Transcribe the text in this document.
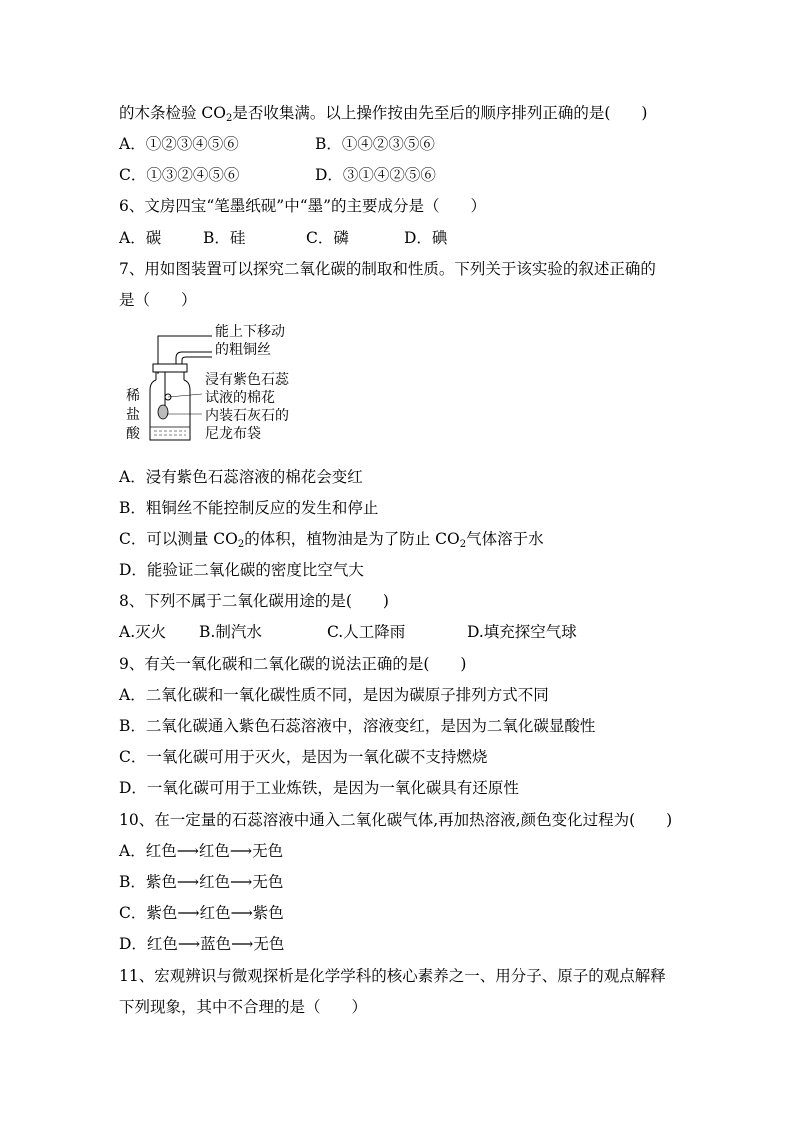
的木条检验 $CO_2$是否收集满。以上操作按由先至后的顺序排列正确的是(　　)
A．①②③④⑤⑥	B．①④②③⑤⑥
C．①③②④⑤⑥	D．③①④②⑤⑥
6、文房四宝“笔墨纸砚”中“墨”的主要成分是（　　）
A．碳	B．硅	C．磷	D．碘
7、用如图装置可以探究二氧化碳的制取和性质。下列关于该实验的叙述正确的
是（　　）
能上下移动
的粗铜丝
浸有紫色石蕊
试液的棉花
内装石灰石的
尼龙布袋
稀
盐
酸
A．浸有紫色石蕊溶液的棉花会变红
B．粗铜丝不能控制反应的发生和停止
C．可以测量 $CO_2$的体积，植物油是为了防止 $CO_2$气体溶于水
D．能验证二氧化碳的密度比空气大
8、下列不属于二氧化碳用途的是(　　)
A.灭火 B.制汽水	C.人工降雨	D.填充探空气球
9、有关一氧化碳和二氧化碳的说法正确的是(　　)
A．二氧化碳和一氧化碳性质不同，是因为碳原子排列方式不同
B．二氧化碳通入紫色石蕊溶液中，溶液变红，是因为二氧化碳显酸性
C．一氧化碳可用于灭火，是因为一氧化碳不支持燃烧
D．一氧化碳可用于工业炼铁，是因为一氧化碳具有还原性
10、在一定量的石蕊溶液中通入二氧化碳气体,再加热溶液,颜色变化过程为(　　)
A．红色⟶红色⟶无色
B．紫色⟶红色⟶无色
C．紫色⟶红色⟶紫色
D．红色⟶蓝色⟶无色
11、宏观辨识与微观探析是化学学科的核心素养之一、用分子、原子的观点解释
下列现象，其中不合理的是（　　）
